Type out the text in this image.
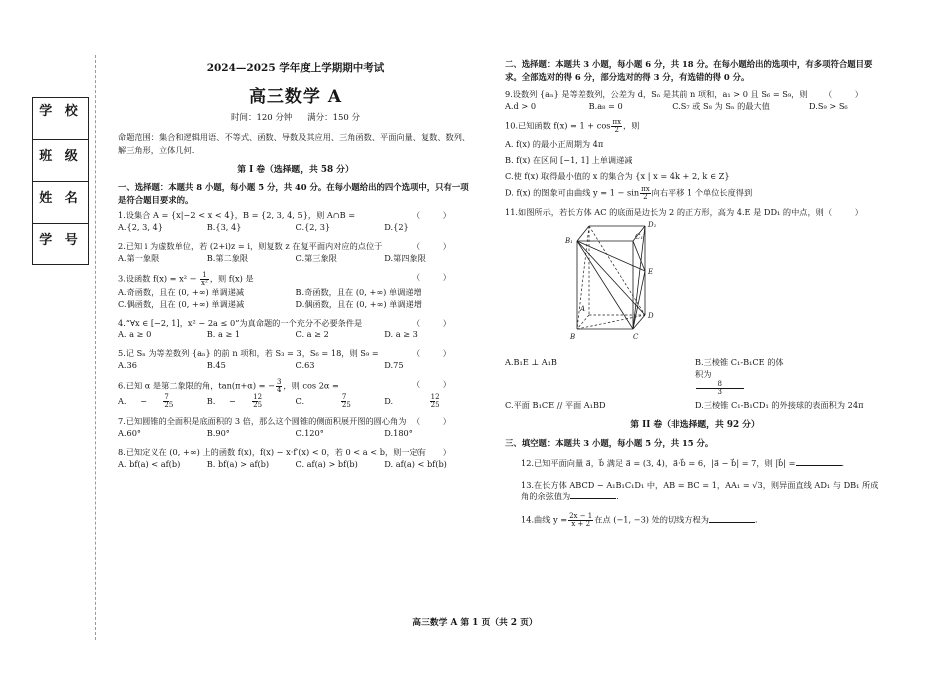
学 校
班 级
姓 名
学 号
2024—2025 学年度上学期期中考试
高三数学 A
时间：120 分钟 满分：150 分
命题范围：集合和逻辑用语、不等式、函数、导数及其应用、三角函数、平面向量、复数、数列、解三角形，立体几何.
第 I 卷（选择题，共 58 分）
一、选择题：本题共 8 小题，每小题 5 分，共 40 分。在每小题给出的四个选项中，只有一项是符合题目要求的。
1.设集合 A = {x|−2 < x < 4}，B = {2, 3, 4, 5}，则 A∩B =	（ ）
A.{2, 3, 4}	B.{3, 4}	C.{2, 3}	D.{2}
2.已知 i 为虚数单位，若 (2+i)z = i，则复数 z 在复平面内对应的点位于	（ ）
A.第一象限	B.第二象限	C.第三象限	D.第四象限
3.设函数 $f(x) = x^2 - \frac{1}{\text{x²}}$ ，则 f(x) 是	（ ）
A.奇函数，且在 (0, +∞) 单调递减	B.奇函数，且在 (0, +∞) 单调递增
C.偶函数，且在 (0, +∞) 单调递减	D.偶函数，且在 (0, +∞) 单调递增
4.“∀x ∈ [−2, 1]，x² − 2a ≤ 0”为真命题的一个充分不必要条件是	（ ）
A. a ≥ 0	B. a ≥ 1	C. a ≥ 2	D. a ≥ 3
5.记 Sₙ 为等差数列 {aₙ} 的前 n 项和，若 S₃ = 3，S₆ = 18，则 S₉ =	（ ）
A.36	B.45	C.63	D.75
6.已知 α 是第二象限的角，tan(π+α) = − $\frac{3}{4}$ ，则 cos 2α =	（ ）
A. − $\frac{7}{25}$	B. − $\frac{12}{25}$	C.	$\frac{7}{25}$	D.	$\frac{12}{25}$
7.已知圆锥的全面积是底面积的 3 倍，那么这个圆锥的侧面积展开图的圆心角为 （ ）
A.60°	B.90°	C.120°	D.180°
8.已知定义在 (0, +∞) 上的函数 f(x)，f(x) − x·f′(x) < 0，若 0 < a < b，则一定有
（ ）
A. bf(a) < af(b)	B. bf(a) > af(b)	C. af(a) > bf(b)	D. af(a) < bf(b)
二、选择题：本题共 3 小题，每小题 6 分，共 18 分。在每小题给出的选项中，有多项符合题目要求。全部选对的得 6 分，部分选对的得 3 分，有选错的得 0 分。
9.设数列 {aₙ} 是等差数列，公差为 d，Sₙ 是其前 n 项和，a₁ > 0 且 S₆ = S₉，则 （ ）
A.d > 0	B.a₈ = 0	C.S₇ 或 S₈ 为 Sₙ 的最大值	D.S₉ > S₆
10.已知函数 $f(x) = 1 + \cos \frac{\pi x}{2}$ ，则
A. f(x) 的最小正周期为 4π
B. f(x) 在区间 [−1, 1] 上单调递减
C.使 f(x) 取得最小值的 x 的集合为 {x | x = 4k + 2, k ∈ Z}
D. f(x) 的图象可由曲线 $y = 1 - \sin \frac{\pi x}{2}$ 向右平移 1 个单位长度得到
11.如图所示，若长方体 AC 的底面是边长为 2 的正方形，高为 4.E 是 DD₁ 的中点，则 （ ）
D₁
B₁	C₁
E
D
A
B	C
A.B₁E ⊥ A₁B	B.三棱锥 C₁-B₁CE 的体积为
$\frac{8}{3}$
C.平面 B₁CE // 平面 A₁BD	D.三棱锥 C₁-B₁CD₁ 的外接球的表面积为 24π
第 II 卷（非选择题，共 92 分）
三、填空题：本题共 3 小题，每小题 5 分，共 15 分。
12.已知平面向量 a⃗，b⃗ 满足 a⃗ = (3, 4)，a⃗·b⃗ = 6，|a⃗ − b⃗| = 7，则 |b⃗| =	.
13.在长方体 ABCD − A₁B₁C₁D₁ 中，AB = BC = 1，AA₁ = √3，则异面直线 AD₁ 与 DB₁ 所成角的余弦值为	.
14.曲线 $y = \frac{2x - 1}{x + 2}$ 在点 (−1, −3) 处的切线方程为	.
高三数学 A 第 1 页（共 2 页）
